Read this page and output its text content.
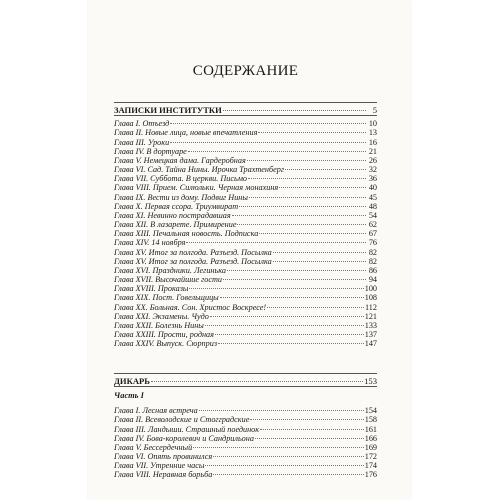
СОДЕРЖАНИЕ
ЗАПИСКИ ИНСТИТУТКИ	5
Глава I. Отъезд	10
Глава II. Новые лица, новые впечатления	13
Глава III. Уроки	16
Глава IV. В дортуаре	21
Глава V. Немецкая дама. Гардеробная	26
Глава VI. Сад. Тайна Нины. Ирочка Трахтенберг	32
Глава VII. Суббота. В церкви. Письмо	36
Глава VIII. Прием. Силюльки. Черная монахиня	40
Глава IX. Вести из дому. Подвиг Нины	45
Глава X. Первая ссора. Триумвират	48
Глава XI. Невинно пострадавшая	54
Глава XII. В лазарете. Примирение	62
Глава XIII. Печальная новость. Подписка	67
Глава XIV. 14 ноября	76
Глава XV. Итог за полгода. Разъезд. Посылка	82
Глава XV. Итог за полгода. Разъезд. Посылка	82
Глава XVI. Праздники. Легинька	86
Глава XVII. Высочайшие гости	94
Глава XVIII. Проказы	100
Глава XIX. Пост. Говельщицы	108
Глава XX. Больная. Сон. Христос Воскресе!	112
Глава XXI. Экзамены. Чудо	121
Глава XXII. Болезнь Нины	133
Глава XXIII. Прости, родная	137
Глава XXIV. Выпуск. Сюрприз	147
ДИКАРЬ	153
Часть I
Глава I. Лесная встреча	154
Глава II. Всеволодские и Стогградские	158
Глава III. Ландыши. Страшный поединок	161
Глава IV. Бова-королевич и Сандрильона	166
Глава V. Бессердечный	169
Глава VI. Опять провинился	172
Глава VII. Утренние часы	174
Глава VIII. Неравная борьба	176
